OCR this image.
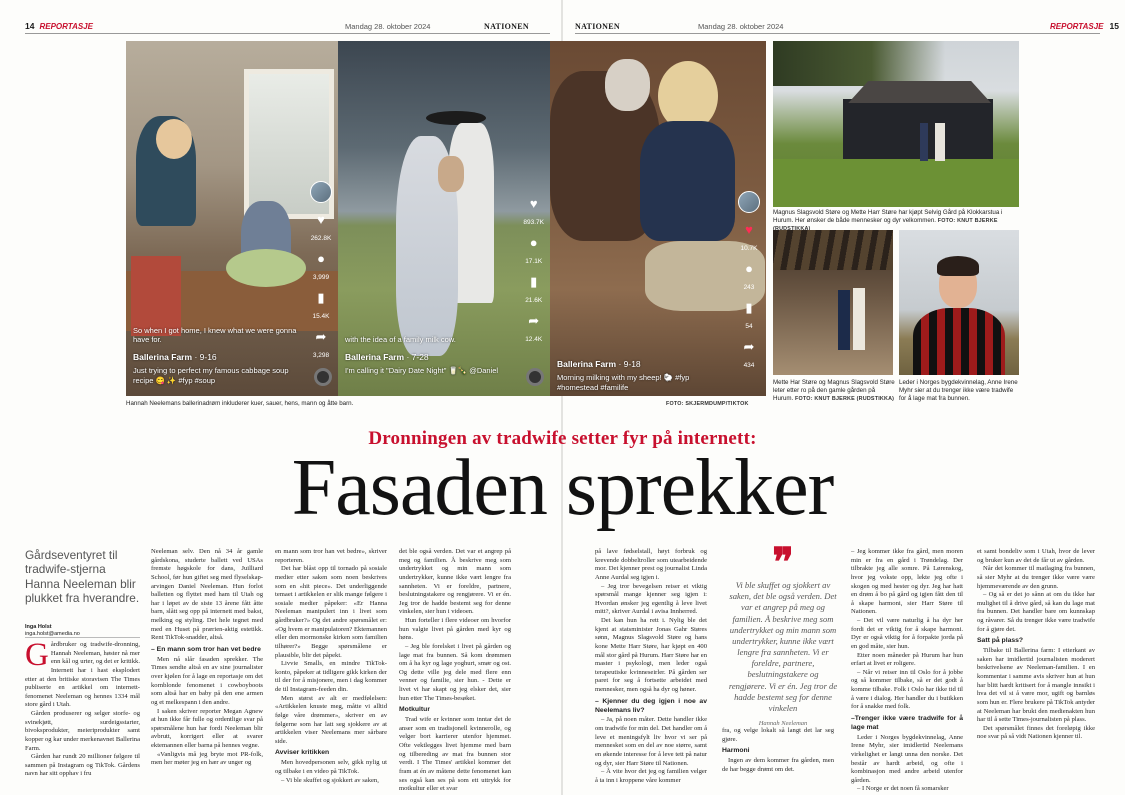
14 REPORTASJE	Mandag 28. oktober 2024	NATIONEN	NATIONEN	Mandag 28. oktober 2024	REPORTASJE 15
♥
262.8K
●
3,999
▮
15.4K
➦
3,298
So when I got home, I knew what we were gonna have for.
Ballerina Farm · 9-16
Just trying to perfect my famous cabbage soup recipe 😋 ✨ #fyp #soup
♥
893.7K
●
17.1K
▮
21.6K
➦
12.4K
with the idea of a family milk cow.
Ballerina Farm · 7-28
I'm calling it "Dairy Date Night" 🥛🍾 @Daniel
♥
10.7K
●
243
▮
54
➦
434
Ballerina Farm · 9-18
Morning milking with my sheep! 🐑 #fyp #homestead #familife
Hannah Neelemans ballerinadrøm inkluderer kuer, sauer, hens, mann og åtte barn.	FOTO: SKJERMDUMP/TIKTOK
Magnus Slagsvold Støre og Mette Harr Støre har kjøpt Selvig Gård på Klokkarstua i Hurum. Her ønsker de både mennesker og dyr velkommen. FOTO: KNUT BJERKE
Mette Har Støre og Magnus Slagsvold Støre leter etter ro på den gamle gården på Hurum. FOTO: KNUT BJERKE (RUDSTIKKA)
Leder i Norges bygdekvinnelag, Anne Irene Myhr sier at du trenger ikke være tradwife for å lage mat fra bunnen.
Dronningen av tradwife setter fyr på internett:
Fasaden sprekker
Gårdseventyret til tradwife-stjerna Hanna Neeleman blir plukket fra hverandre.
Inga Holst
inga.holst@amedia.no

Gårdbruker og tradwife-dronning, Hannah Neeleman, høster nå mer enn kål og urter, og det er kritikk. Internett har i hast eksplodert etter at den britiske storavisen The Times publiserte en artikkel om internett-fenomenet Neeleman og hennes 1334 mål store gård i Utah.

Gården produserer og selger storfe- og svinekjøtt, surdeigsstarter, bivoksprodukter, meieriprodukter samt kopper og kar under merkenavnet Ballerina Farm.

Gården har rundt 20 millioner følgere til sammen på Instagram og TikTok. Gårdens navn har sitt opphav i fru

Neeleman selv. Den nå 34 år gamle gårdskona, studerte ballett ved USAs fremste høgskole for dans, Juilliard School, før hun giftet seg med flyselskap-arvingen Daniel Neeleman. Hun forlot balletten og flyttet med ham til Utah og har i løpet av de siste 13 årene fått åtte barn, slått seg opp på internett med bakst, melking og styling. Det hele tegnet med med en Huset på prærien-aktig estetikk. Rent TikTok-snadder, altså.

– En mann som tror han vet bedre

Men nå slår fasaden sprekker. The Times sendte altså en av sine journalister over kjølen for å lage en reportasje om det kornblonde fenomenet i cowboyboots som altså har en baby på den ene armen og et melkespann i den andre.

I saken skriver reporter Megan Agnew at hun ikke får fulle og ordentlige svar på spørsmålene hun har fordi Neeleman blir avbrutt, korrigert eller at svarer ektemannen eller barna på hennes vegne.

«Vanligvis må jeg bryte mot PR-folk, men her møter jeg en hær av unger og

en mann som tror han vet bedre», skriver reporteren.

Det har blåst opp til tornado på sosiale medier etter saken som noen beskrives som en «hit piece». Det underliggende temaet i artikkelen er slik mange følgere i sosiale medier påpeker: «Er Hanna Neeleman manipulert inn i livet som gårdbruker?» Og det andre spørsmålet er: «Og hvem er manipulatoren? Ektemannen eller den mormonske kirken som familien tilhører?» Begge spørsmålene er plausible, blir det påpekt.

Livvie Smalls, en mindre TikTok-konto, påpeker at tidligere gikk kirken der til der for å misjonere, men i dag kommer de til Instagram-feeden din.

Men størst av alt er medfølelsen: «Artikkelen knuste meg, måtte vi alltid følge våre drømmer», skriver en av følgerne som har latt seg sjokkere av at artikkelen viser Neelemans mer sårbare side.

Avviser kritikken

Men hovedpersonen selv, gikk nylig ut og tilbake i en video på TikTok.

– Vi ble skuffet og sjokkert av saken,

det ble også verden. Det var et angrep på meg og familien. Å beskrive meg som undertrykket og min mann som undertrykker, kunne ikke vært lengre fra sannheten. Vi er foreldre, partnere, beslutningstakere og rengjørere. Vi er én. Jeg tror de hadde bestemt seg for denne vinkelen, sier hun i videoen.

Hun forteller i flere videoer om hvorfor hun valgte livet på gården med kyr og høns.

– Jeg ble forelsket i livet på gården og lage mat fra bunnen. Så kom drømmen om å ha kyr og lage yoghurt, smør og ost. Og dette ville jeg dele med flere enn venner og familie, sier hun. - Dette er livet vi har skapt og jeg elsker det, sier hun etter The Times-besøket.

Motkultur

Trad wife er kvinner som inntar det de anser som en tradisjonell kvinnerolle, og velger bort karrierer utenfor hjemmet. Ofte vektlegges livet hjemme med barn og tilbereding av mat fra bunnen stor verdi. I The Times' artikkel kommer det fram at én av måtene dette fenomenet kan ses også kan ses på som ett uttrykk for motkultur eller et svar

på lave fødselstall, høyt forbruk og krevende dobbeltroller som utearbeidende mor. Det kjenner prest og journalist Linda Anne Aurdal seg igjen i.

– Jeg tror bevegelsen reiser et viktig spørsmål mange kjenner seg igjen i: Hvordan ønsker jeg egentlig å leve livet mitt?, skriver Aurdal i avisa Innherred.

Det kan hun ha rett i. Nylig ble det kjent at statsminister Jonas Gahr Støres sønn, Magnus Slagsvold Støre og hans kone Mette Harr Støre, har kjøpt en 400 mål stor gård på Hurum. Harr Støre har en master i psykologi, men leder også terapeutiske kvinneseirler. På gården ser paret for seg å fortsette arbeidet med mennesker, men også ha dyr og høner.

– Kjenner du deg igjen i noe av Neelemans liv?

– Ja, på noen måter. Dette handler ikke om tradwife for min del. Det handler om å leve et meningsfylt liv hvor vi ser på mennesket som en del av noe større, samt en økende interesse for å leve tett på natur og dyr, sier Harr Støre til Nationen.

– Å vite hvor det jeg og familien velger å ta inn i kroppene våre kommer

❞
Vi ble skuffet og sjokkert av saken, det ble også verden. Det var et angrep på meg og familien. Å beskrive meg som undertrykket og min mann som undertrykker, kunne ikke vært lengre fra sannheten. Vi er foreldre, partnere, beslutningstakere og rengjørere. Vi er én. Jeg tror de hadde bestemt seg for denne vinkelen
Hannah Neeleman

fra, og velge lokalt så langt det lar seg gjøre.

Harmoni

Ingen av dem kommer fra gården, men de har begge drømt om det.

– Jeg kommer ikke fra gård, men moren min er fra en gård i Trøndelag. Der tilbrakte jeg alle somre. På Lørenskog, hvor jeg vokste opp, lekte jeg ofte i skogen og med hester og dyr. Jeg har hatt en drøm å bo på gård og igjen fått den til å skape harmoni, sier Harr Støre til Nationen.

– Det vil være naturlig å ha dyr her fordi det er viktig for å skape harmoni. Dyr er også viktig for å forpakte jorda på en god måte, sier hun.

Etter noen måneder på Hurum har hun erfart at livet er roligere.

– Når vi reiser inn til Oslo for å jobbe og så kommer tilbake, så er det godt å komme tilbake. Folk i Oslo har ikke tid til å være i dialog. Her handler du i butikken for å snakke med folk.

–Trenger ikke være tradwife for å lage mat

Leder i Norges bygdekvinnelag, Anne Irene Myhr, sier imidlertid Neelemans virkelighet er langt unna den norske. Det består av hardt arbeid, og ofte i kombinasjon med andre arbeid utenfor gården.

– I Norge er det noen få somarsker

et samt bondeliv som i Utah, hvor de lever og bruker kun av det de får ut av gården.

Når det kommer til matlaging fra bunnen, så sier Myhr at du trenger ikke være være hjemmeværende av den grunn.

– Og så er det jo sånn at om du ikke har mulighet til å drive gård, så kan du lage mat fra bunnen. Det handler bare om kunnskap og råvarer. Så du trenger ikke være tradwife for å gjøre det.

Satt på plass?

Tilbake til Ballerina farm: I etterkant av saken har imidlertid journalisten moderert beskrivelsene av Neeleman-familien. I en kommentar i samme avis skriver hun at hun har blitt hardt kritisert for å mangle innsikt i hva det vil si å være mor, ugift og barnløs som hun er. Flere brukere på TikTok antyder at Neeleman har brukt den medienakten hun har til å sette Times-journalisten på plass.

Det spørsmålet finnes det foreløpig ikke noe svar på så vidt Nationen kjenner til.
